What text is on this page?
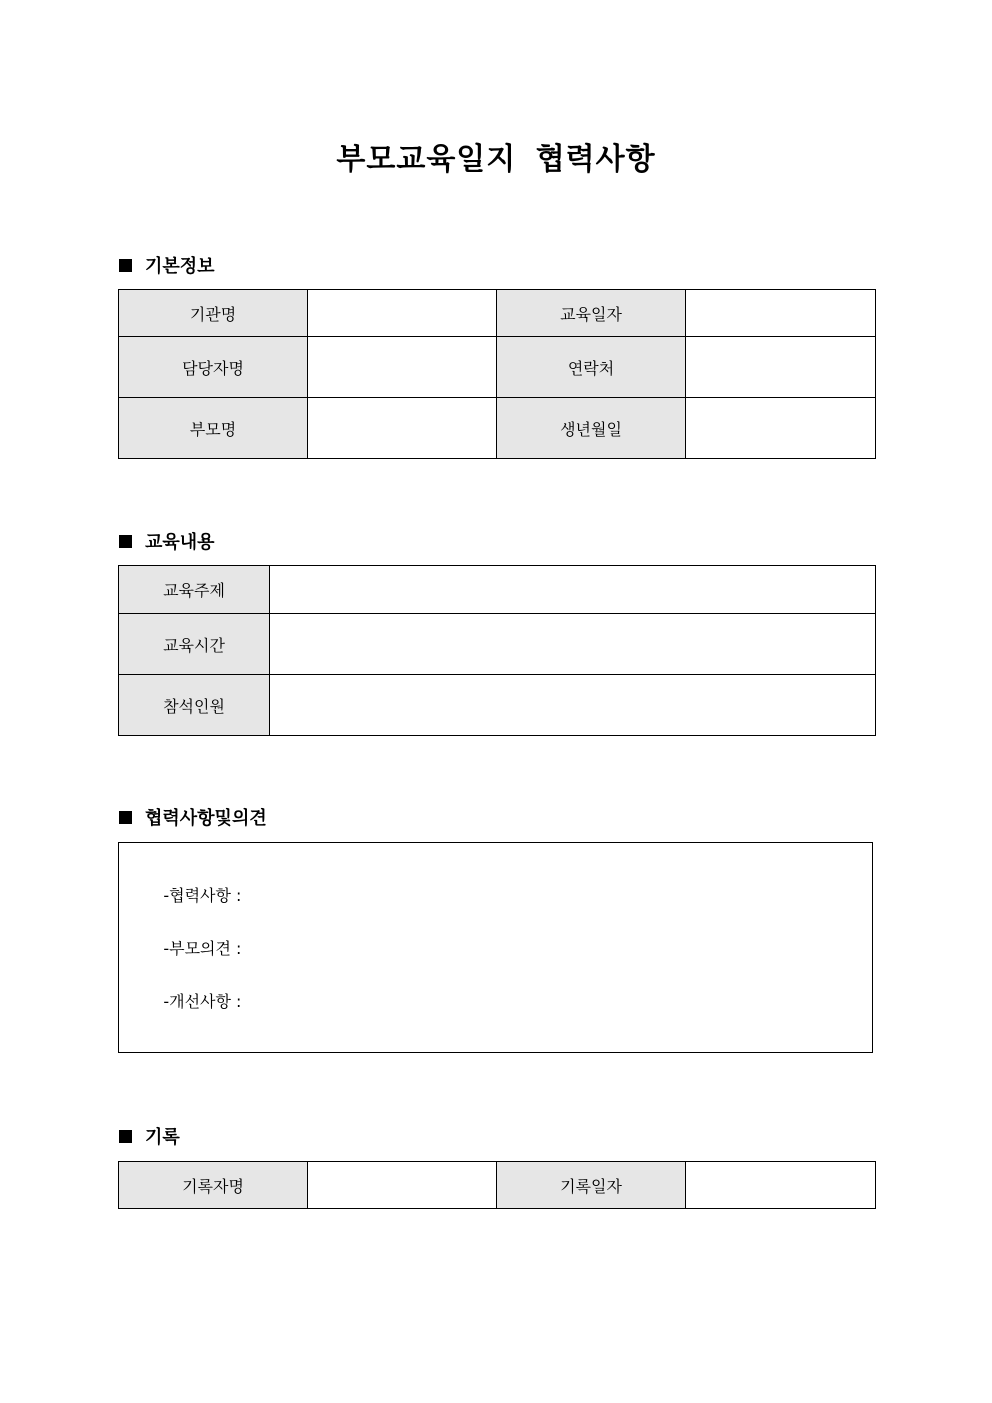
부모교육일지 협력사항
기본정보
기관명		교육일자	
담당자명		연락처	
부모명		생년월일	
교육내용
교육주제	
교육시간	
참석인원	
협력사항및의견

-협력사항 :

-부모의견 :

-개선사항 :

기록
기록자명		기록일자	
